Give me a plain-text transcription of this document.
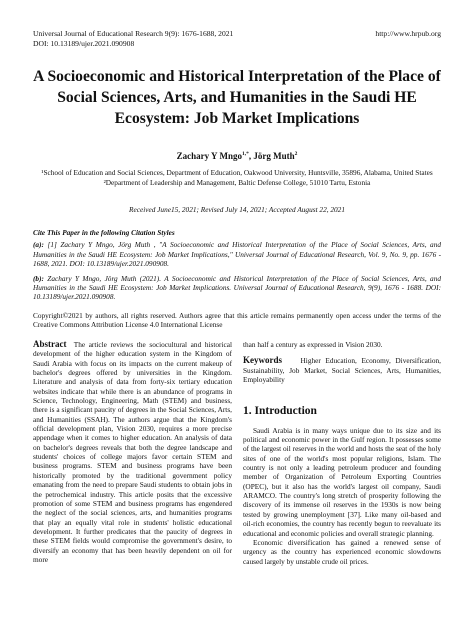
Universal Journal of Educational Research 9(9): 1676-1688, 2021
DOI: 10.13189/ujer.2021.090908
http://www.hrpub.org
A Socioeconomic and Historical Interpretation of the Place of Social Sciences, Arts, and Humanities in the Saudi HE Ecosystem: Job Market Implications
Zachary Y Mngo$^{1,*}$, Jörg Muth$^2$
¹School of Education and Social Sciences, Department of Education, Oakwood University, Huntsville, 35896, Alabama, United States
²Department of Leadership and Management, Baltic Defense College, 51010 Tartu, Estonia
Received June15, 2021; Revised July 14, 2021; Accepted August 22, 2021
Cite This Paper in the following Citation Styles

(a): [1] Zachary Y Mngo, Jörg Muth , "A Socioeconomic and Historical Interpretation of the Place of Social Sciences, Arts, and Humanities in the Saudi HE Ecosystem: Job Market Implications," Universal Journal of Educational Research, Vol. 9, No. 9, pp. 1676 - 1688, 2021. DOI: 10.13189/ujer.2021.090908.

(b): Zachary Y Mngo, Jörg Muth (2021). A Socioeconomic and Historical Interpretation of the Place of Social Sciences, Arts, and Humanities in the Saudi HE Ecosystem: Job Market Implications. Universal Journal of Educational Research, 9(9), 1676 - 1688. DOI: 10.13189/ujer.2021.090908.

Copyright©2021 by authors, all rights reserved. Authors agree that this article remains permanently open access under the terms of the Creative Commons Attribution License 4.0 International License
Abstract The article reviews the sociocultural and historical development of the higher education system in the Kingdom of Saudi Arabia with focus on its impacts on the current makeup of bachelor's degrees offered by universities in the Kingdom. Literature and analysis of data from forty-six tertiary education websites indicate that while there is an abundance of programs in Science, Technology, Engineering, Math (STEM) and business, there is a significant paucity of degrees in the Social Sciences, Arts, and Humanities (SSAH). The authors argue that the Kingdom's official development plan, Vision 2030, requires a more precise appendage when it comes to higher education. An analysis of data on bachelor's degrees reveals that both the degree landscape and students' choices of college majors favor certain STEM and business programs. STEM and business programs have been historically promoted by the traditional government policy emanating from the need to prepare Saudi students to obtain jobs in the petrochemical industry. This article posits that the excessive promotion of some STEM and business programs has engendered the neglect of the social sciences, arts, and humanities programs that play an equally vital role in students' holistic educational development. It further predicates that the paucity of degrees in these STEM fields would compromise the government's desire, to diversify an economy that has been heavily dependent on oil for more
than half a century as expressed in Vision 2030.
Keywords	Higher Education, Economy, Diversification, Sustainability, Job Market, Social Sciences, Arts, Humanities, Employability
1. Introduction

Saudi Arabia is in many ways unique due to its size and its political and economic power in the Gulf region. It possesses some of the largest oil reserves in the world and hosts the seat of the holy sites of one of the world's most popular religions, Islam. The country is not only a leading petroleum producer and founding member of Organization of Petroleum Exporting Countries (OPEC), but it also has the world's largest oil company, Saudi ARAMCO. The country's long stretch of prosperity following the discovery of its immense oil reserves in the 1930s is now being tested by growing unemployment [37]. Like many oil-based and oil-rich economies, the country has recently begun to reevaluate its educational and economic policies and overall strategic planning.

Economic diversification has gained a renewed sense of urgency as the country has experienced economic slowdowns caused largely by unstable crude oil prices.
